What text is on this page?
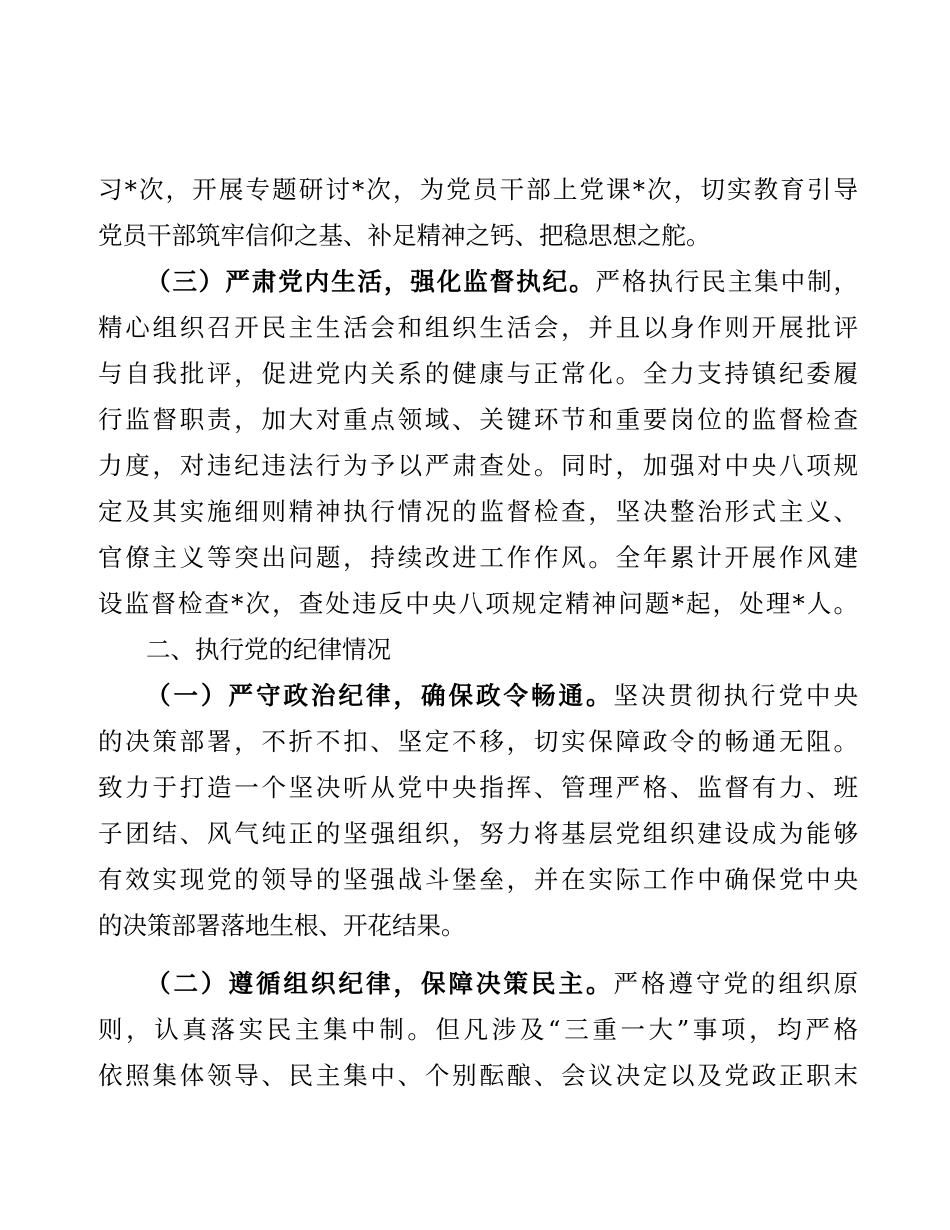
习*次，开展专题研讨*次，为党员干部上党课*次，切实教育引导
党员干部筑牢信仰之基、补足精神之钙、把稳思想之舵。
（三）严肃党内生活，强化监督执纪。严格执行民主集中制，
精心组织召开民主生活会和组织生活会，并且以身作则开展批评
与自我批评，促进党内关系的健康与正常化。全力支持镇纪委履
行监督职责，加大对重点领域、关键环节和重要岗位的监督检查
力度，对违纪违法行为予以严肃查处。同时，加强对中央八项规
定及其实施细则精神执行情况的监督检查，坚决整治形式主义、
官僚主义等突出问题，持续改进工作作风。全年累计开展作风建
设监督检查*次，查处违反中央八项规定精神问题*起，处理*人。
二、执行党的纪律情况
（一）严守政治纪律，确保政令畅通。坚决贯彻执行党中央
的决策部署，不折不扣、坚定不移，切实保障政令的畅通无阻。
致力于打造一个坚决听从党中央指挥、管理严格、监督有力、班
子团结、风气纯正的坚强组织，努力将基层党组织建设成为能够
有效实现党的领导的坚强战斗堡垒，并在实际工作中确保党中央
的决策部署落地生根、开花结果。
（二）遵循组织纪律，保障决策民主。严格遵守党的组织原
则，认真落实民主集中制。但凡涉及“三重一大”事项，均严格
依照集体领导、民主集中、个别酝酿、会议决定以及党政正职末
